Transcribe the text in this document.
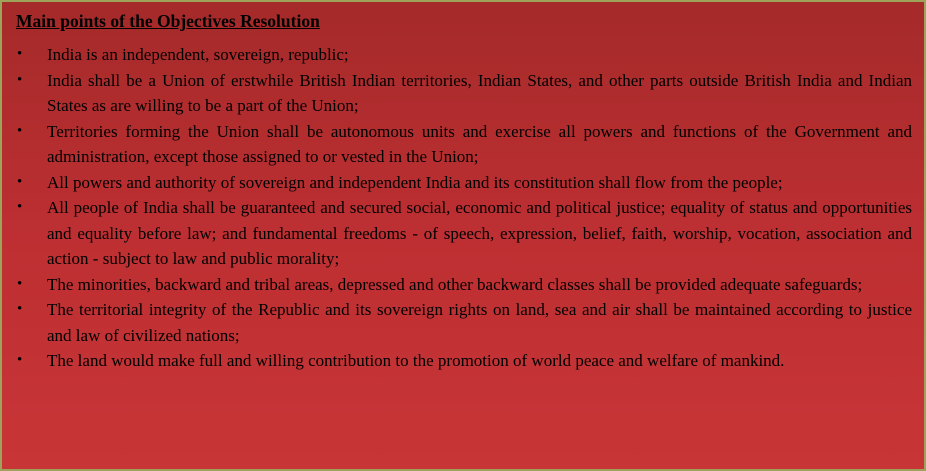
Main points of the Objectives Resolution
• India is an independent, sovereign, republic;
• India shall be a Union of erstwhile British Indian territories, Indian States, and other parts outside British India and Indian States as are willing to be a part of the Union;
• Territories forming the Union shall be autonomous units and exercise all powers and functions of the Government and administration, except those assigned to or vested in the Union;
• All powers and authority of sovereign and independent India and its constitution shall flow from the people;
• All people of India shall be guaranteed and secured social, economic and political justice; equality of status and opportunities and equality before law; and fundamental freedoms - of speech, expression, belief, faith, worship, vocation, association and action - subject to law and public morality;
• The minorities, backward and tribal areas, depressed and other backward classes shall be provided adequate safeguards;
• The territorial integrity of the Republic and its sovereign rights on land, sea and air shall be maintained according to justice and law of civilized nations;
• The land would make full and willing contribution to the promotion of world peace and welfare of mankind.
